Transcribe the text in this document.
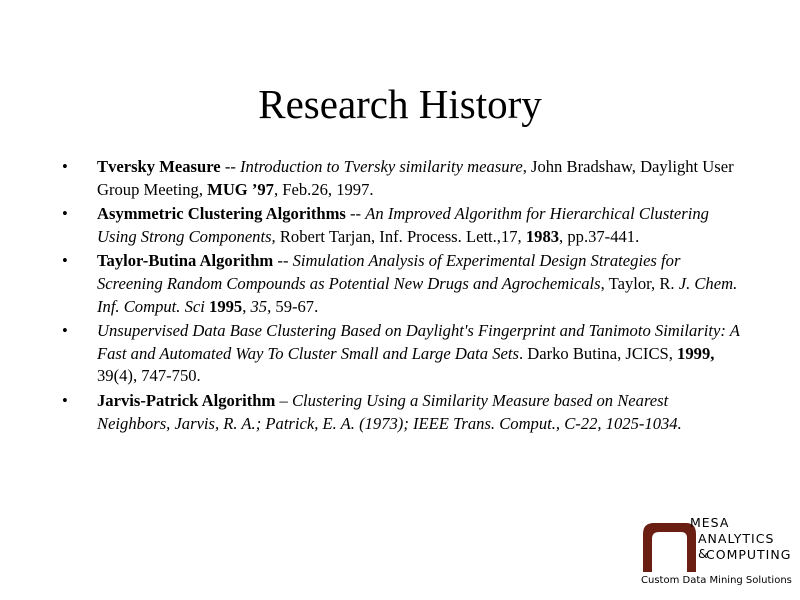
Research History
• Tversky Measure -- Introduction to Tversky similarity measure, John Bradshaw, Daylight User Group Meeting, MUG ’97, Feb.26, 1997.
• Asymmetric Clustering Algorithms -- An Improved Algorithm for Hierarchical Clustering Using Strong Components, Robert Tarjan, Inf. Process. Lett.,17, 1983, pp.37-441.
• Taylor-Butina Algorithm -- Simulation Analysis of Experimental Design Strategies for Screening Random Compounds as Potential New Drugs and Agrochemicals, Taylor, R. J. Chem. Inf. Comput. Sci 1995, 35, 59-67.
• Unsupervised Data Base Clustering Based on Daylight's Fingerprint and Tanimoto Similarity: A Fast and Automated Way To Cluster Small and Large Data Sets. Darko Butina, JCICS, 1999, 39(4), 747-750.
• Jarvis-Patrick Algorithm – Clustering Using a Similarity Measure based on Nearest Neighbors, Jarvis, R. A.; Patrick, E. A. (1973); IEEE Trans. Comput., C-22, 1025-1034.
MESA
ANALYTICS &
COMPUTING
Custom Data Mining Solutions
